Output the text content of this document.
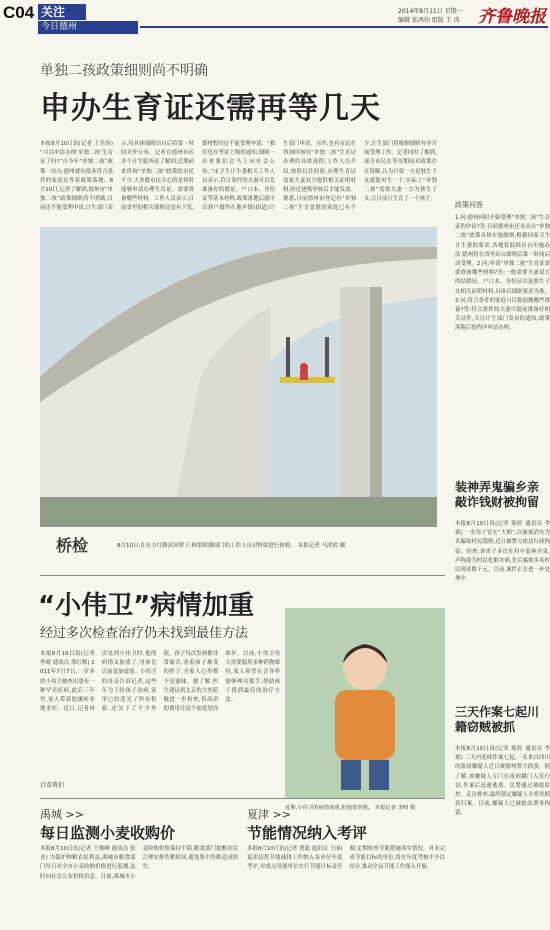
C04 关注
今日德州
2014年8月11日 星期一
编辑 张鸿钧 组版 王 涛 齐鲁晚报
单独二孩政策细则尚不明确
申办生育证还需再等几天
本报8月10日讯(记者 王乐伟) “可以申请办理‘单独二孩’生育证了吗?”自今年“单独二孩”政策一出台,德州就有很多符合条件的家庭在等着政策落地。8月10日,记者了解到,德州市“单独二孩”政策细则尚不明确,目前还不能受理申请,计生部门表示,待具体细则出台后将第一时间对外公布。记者在德州市区多个计生服务站了解到,近期前来咨询“单独二孩”政策的市民不少,大多数市民关心的是何时能够申请办理生育证、需要准备哪些材料。工作人员表示,目前省里的相关细则还没有下发,德州暂时还不能受理申请。“我们也在等着上级的通知,细则一出来我们会马上向社会公布。”市卫生计生委相关工作人员表示,符合条件的夫妻可以先准备好结婚证、户口本、身份证等基本材料,政策落地后就可以到户籍所在地乡镇(街道)计生部门申请。另外,也有市民在咨询时询问“单独二孩”生育证办理的具体流程,工作人员介绍,按照以往经验,办理生育证需要夫妻双方提供相关证明材料,经过逐级审核后才能发放。据悉,目前德州市登记有“单独二孩”生育意愿的家庭已有不少,计生部门将根据细则有序开展受理工作。记者同时了解到,部分市民在等待期间对政策存在误解,认为只要一方是独生子女就能再生一个,实际上“单独二孩”需要夫妻一方为独生子女,且目前只生育了一个孩子。
桥检	8月10日,在东方红路滨河桥下,桥梁检测部门的工作人员对桥梁进行体检。 本报记者 马凌鸿 摄
政策问答
1.问:德州何时开始受理“单独二孩”生育证的申请?答:目前德州市还未出台“单独二孩”政策具体实施细则,根据国家卫生计生委的要求,各地将陆续出台实施办法,德州将在省里出台细则后第一时间启动受理。2.问:申请“单独二孩”生育证需要准备哪些材料?答:一般需要夫妻双方的结婚证、户口本、身份证以及独生子女相关证明材料,具体以细则要求为准。3.问:符合条件的家庭可以提前做哪些准备?答:符合条件的夫妻可提前准备好相关证件,关注计生部门发布的通知,政策落地后按程序申请办理。
“小伟卫”病情加重
经过多次检查治疗仍未找到最佳方法
本报8月10日讯(记者 李晴 通讯员 邢红梅) 2011年7月7日,一岁多的小伟卫被查出患有一种罕见疾病,此后三年里,家人带着他辗转多地求医。近日,记者再次见到小伟卫时,他的病情又加重了,身体比以前更加虚弱。小伟卫的母亲告诉记者,这些年为了给孩子治病,家里已经花光了所有积蓄,还欠下了不少外债。孩子每次发病都非常痛苦,看着孩子难受的样子,全家人心里都不是滋味。据了解,医生建议到北京的大医院做进一步检查,但高昂的费用让这个家庭望而却步。目前,小伟卫每天需要服用多种药物维持,家人希望社会各界能够伸出援手,帮助孩子找到最佳的治疗方法。
近期,小伟卫的病情加重,但他很坚强。 本报记者 李晴 摄
且看我们
装神弄鬼骗乡亲敲诈钱财被拘留
本报8月10日讯(记者 陈婷 通讯员 李斌) 一名男子冒充“大师”,以驱邪消灾为名骗取村民钱财,近日被警方依法行政拘留。经查,该男子多次在村中装神弄鬼,声称能为村民化解灾祸,先后骗取多名村民现金数千元。目前,案件正在进一步处理中。
三天作案七起川籍窃贼被抓
本报8月10日讯(记者 陈婷 通讯员 李斌) 三天内连续作案七起,一名来自四川的盗窃嫌疑人近日被德州警方抓获。据了解,该嫌疑人专门在夜间撬门入室行窃,作案后迅速逃离。民警通过调取监控、走访排查,最终锁定嫌疑人并将其抓获归案。目前,嫌疑人已被依法刑事拘留。
禹城 >>
每日监测小麦收购价
本报8月10日讯(记者 王俊峰 通讯员 张青) 为保护种粮农民利益,禹城市粮食部门每日对全市小麦收购价格进行监测,及时向社会公布价格信息。目前,禹城市小麦收购价格保持平稳,粮食部门提醒农民合理安排售粮时间,避免集中售粮造成损失。
夏津 >>
节能情况纳入考评
本报8月10日讯(记者 贾磊 通讯员 王丽) 夏津县将节能减排工作纳入各单位年度考评,对重点用能单位实行节能目标责任制,定期检查节能措施落实情况。对未完成节能目标的单位,将在年度考核中予以扣分,推动全县节能工作深入开展。
